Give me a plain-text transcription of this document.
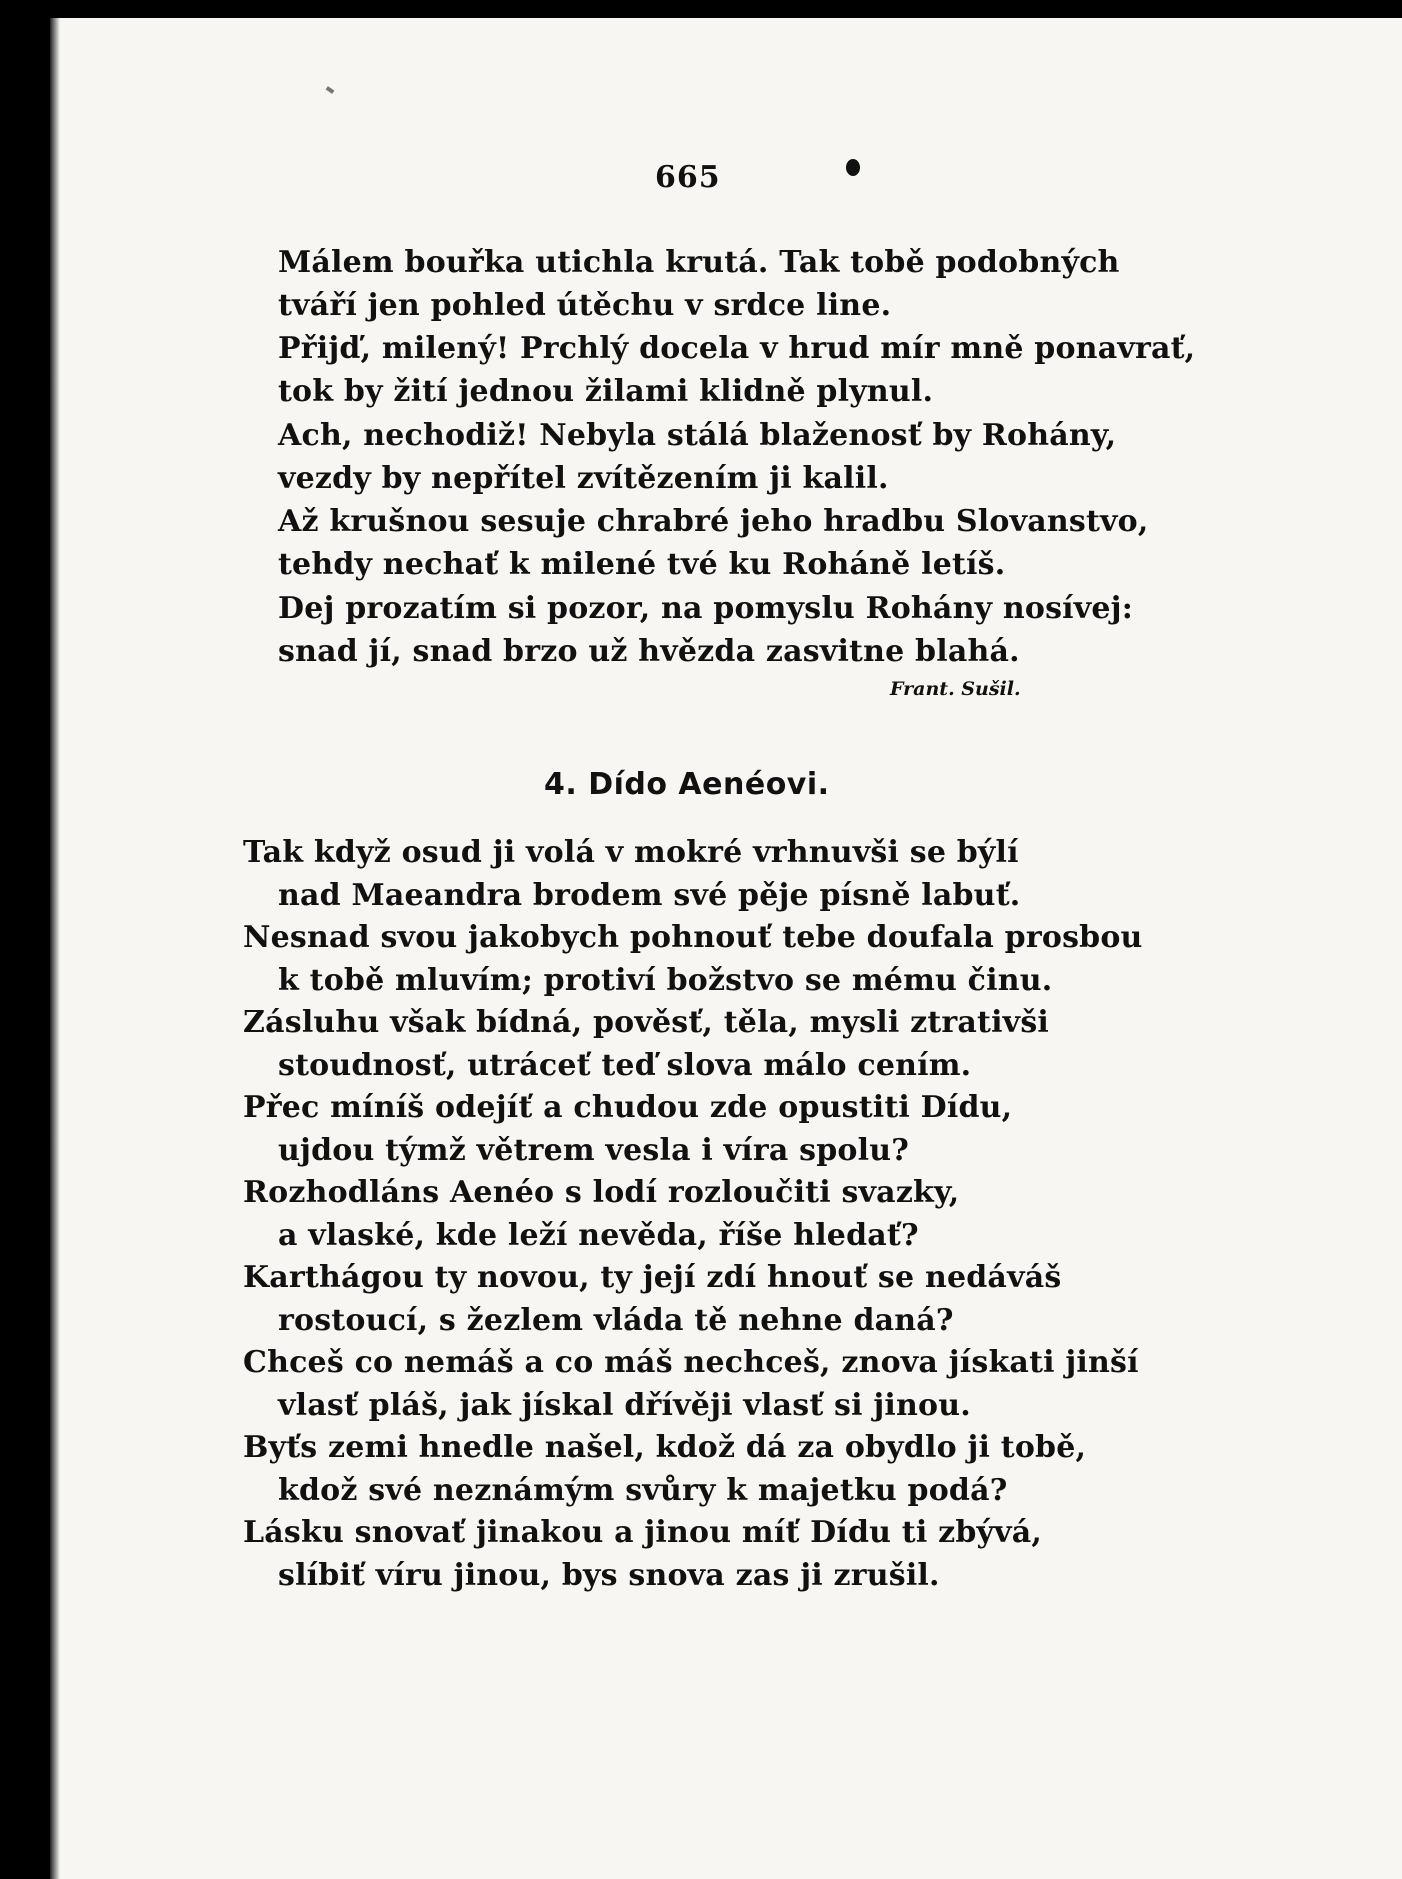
665
Málem bouřka utichla krutá. Tak tobě podobných
tváří jen pohled útěchu v srdce line.
Přijď, milený! Prchlý docela v hrud mír mně ponavrať,
tok by žití jednou žilami klidně plynul.
Ach, nechodiž! Nebyla stálá blaženosť by Rohány,
vezdy by nepřítel zvítězením ji kalil.
Až krušnou sesuje chrabré jeho hradbu Slovanstvo,
tehdy nechať k milené tvé ku Roháně letíš.
Dej prozatím si pozor, na pomyslu Rohány nosívej:
snad jí, snad brzo už hvězda zasvitne blahá.
Frant. Sušil.
4. Dído Aenéovi.
Tak když osud ji volá v mokré vrhnuvši se býlí
nad Maeandra brodem své pěje písně labuť.
Nesnad svou jakobych pohnouť tebe doufala prosbou
k tobě mluvím; protiví božstvo se mému činu.
Zásluhu však bídná, pověsť, těla, mysli ztrativši
stoudnosť, utráceť teď slova málo cením.
Přec míníš odejíť a chudou zde opustiti Dídu,
ujdou týmž větrem vesla i víra spolu?
Rozhodláns Aenéo s lodí rozloučiti svazky,
a vlaské, kde leží nevěda, říše hledať?
Karthágou ty novou, ty její zdí hnouť se nedáváš
rostoucí, s žezlem vláda tě nehne daná?
Chceš co nemáš a co máš nechceš, znova jískati jinší
vlasť pláš, jak jískal dřívěji vlasť si jinou.
Byťs zemi hnedle našel, kdož dá za obydlo ji tobě,
kdož své neznámým svůry k majetku podá?
Lásku snovať jinakou a jinou míť Dídu ti zbývá,
slíbiť víru jinou, bys snova zas ji zrušil.
